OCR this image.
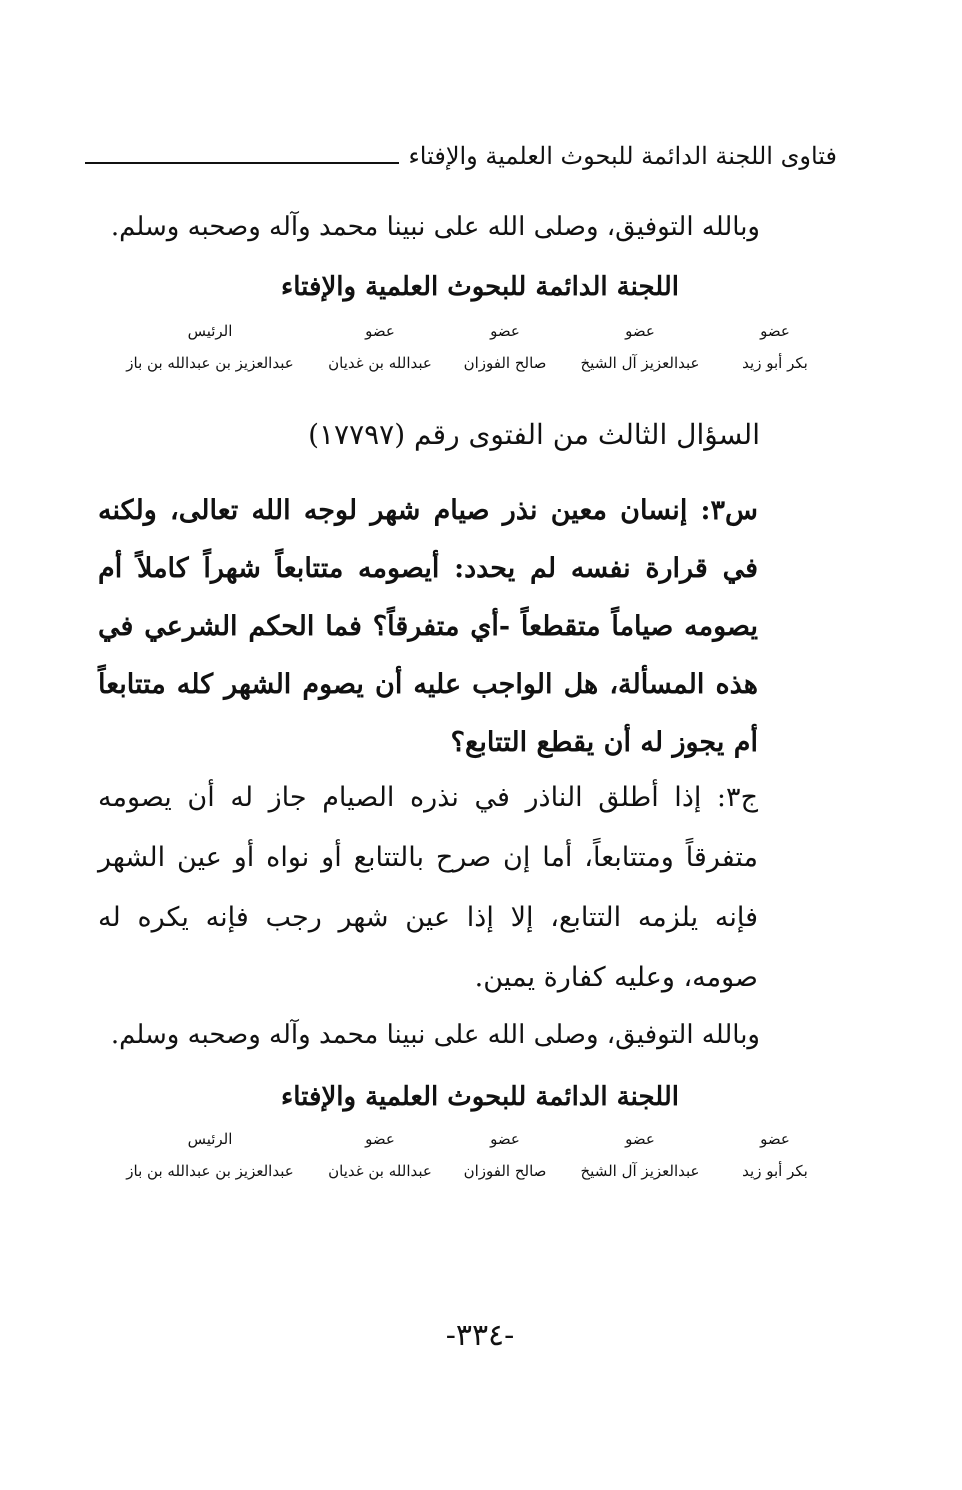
فتاوى اللجنة الدائمة للبحوث العلمية والإفتاء
وبالله التوفيق، وصلى الله على نبينا محمد وآله وصحبه وسلم.
اللجنة الدائمة للبحوث العلمية والإفتاء
عضو
بكر أبو زيد
عضو
عبدالعزيز آل الشيخ
عضو
صالح الفوزان
عضو
عبدالله بن غديان
الرئيس
عبدالعزيز بن عبدالله بن باز
السؤال الثالث من الفتوى رقم (١٧٧٩٧)
س٣: إنسان معين نذر صيام شهر لوجه الله تعالى، ولكنه في قرارة نفسه لم يحدد: أيصومه متتابعاً شهراً كاملاً أم يصومه صياماً متقطعاً -أي متفرقاً؟ فما الحكم الشرعي في هذه المسألة، هل الواجب عليه أن يصوم الشهر كله متتابعاً أم يجوز له أن يقطع التتابع؟
ج٣: إذا أطلق الناذر في نذره الصيام جاز له أن يصومه متفرقاً ومتتابعاً، أما إن صرح بالتتابع أو نواه أو عين الشهر فإنه يلزمه التتابع، إلا إذا عين شهر رجب فإنه يكره له صومه، وعليه كفارة يمين.
وبالله التوفيق، وصلى الله على نبينا محمد وآله وصحبه وسلم.
اللجنة الدائمة للبحوث العلمية والإفتاء
عضو
بكر أبو زيد
عضو
عبدالعزيز آل الشيخ
عضو
صالح الفوزان
عضو
عبدالله بن غديان
الرئيس
عبدالعزيز بن عبدالله بن باز
-٣٣٤-
